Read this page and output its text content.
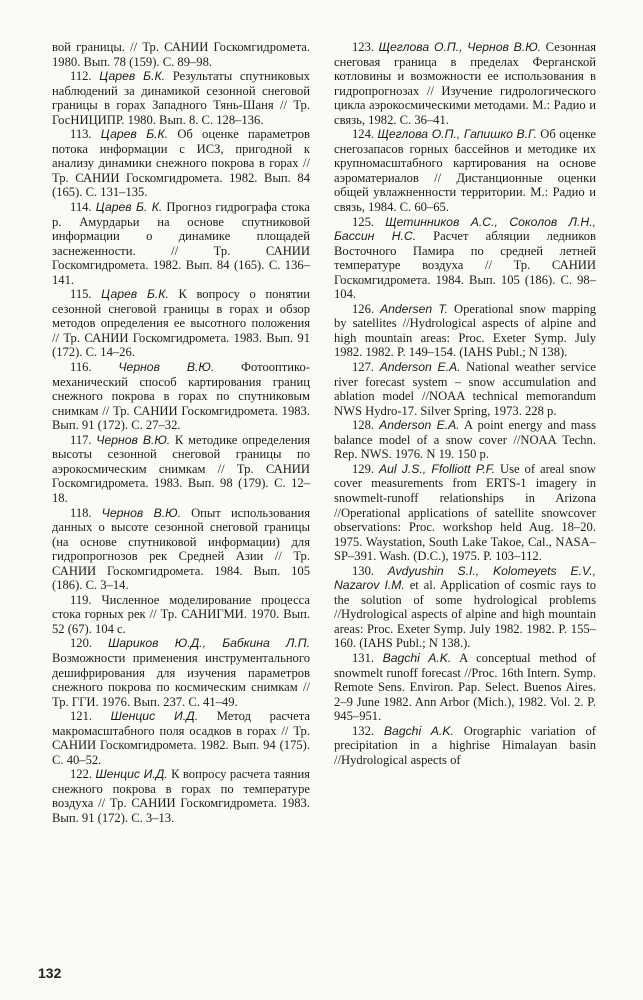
вой границы. // Тр. САНИИ Госкомгидромета. 1980. Вып. 78 (159). С. 89–98.

112. Царев Б.К. Результаты спутниковых наблюдений за динамикой сезонной снеговой границы в горах Западного Тянь-Шаня // Тр. ГосНИЦИПР. 1980. Вып. 8. С. 128–136.

113. Царев Б.К. Об оценке параметров потока информации с ИСЗ, пригодной к анализу динамики снежного покрова в горах // Тр. САНИИ Госкомгидромета. 1982. Вып. 84 (165). С. 131–135.

114. Царев Б. К. Прогноз гидрографа стока р. Амурдарьи на основе спутниковой информации о динамике площадей заснеженности. // Тр. САНИИ Госкомгидромета. 1982. Вып. 84 (165). С. 136–141.

115. Царев Б.К. К вопросу о понятии сезонной снеговой границы в горах и обзор методов определения ее высотного положения // Тр. САНИИ Госкомгидромета. 1983. Вып. 91 (172). С. 14–26.

116. Чернов В.Ю. Фотооптико-механический способ картирования границ снежного покрова в горах по спутниковым снимкам // Тр. САНИИ Госкомгидромета. 1983. Вып. 91 (172). С. 27–32.

117. Чернов В.Ю. К методике определения высоты сезонной снеговой границы по аэрокосмическим снимкам // Тр. САНИИ Госкомгидромета. 1983. Вып. 98 (179). С. 12–18.

118. Чернов В.Ю. Опыт использования данных о высоте сезонной снеговой границы (на основе спутниковой информации) для гидропрогнозов рек Средней Азии // Тр. САНИИ Госкомгидромета. 1984. Вып. 105 (186). С. 3–14.

119. Численное моделирование процесса стока горных рек // Тр. САНИГМИ. 1970. Вып. 52 (67). 104 с.

120. Шариков Ю.Д., Бабкина Л.П. Возможности применения инструментального дешифрирования для изучения параметров снежного покрова по космическим снимкам // Тр. ГГИ. 1976. Вып. 237. С. 41–49.

121. Шенцис И.Д. Метод расчета макромасштабного поля осадков в горах // Тр. САНИИ Госкомгидромета. 1982. Вып. 94 (175). С. 40–52.

122. Шенцис И.Д. К вопросу расчета таяния снежного покрова в горах по температуре воздуха // Тр. САНИИ Госкомгидромета. 1983. Вып. 91 (172). С. 3–13.

123. Щеглова О.П., Чернов В.Ю. Сезонная снеговая граница в пределах Ферганской котловины и возможности ее использования в гидропрогнозах // Изучение гидрологического цикла аэрокосмическими методами. М.: Радио и связь, 1982. С. 36–41.

124. Щеглова О.П., Гапишко В.Г. Об оценке снегозапасов горных бассейнов и методике их крупномасштабного картирования на основе аэроматериалов // Дистанционные оценки общей увлажненности территории. М.: Радио и связь, 1984. С. 60–65.

125. Щетинников А.С., Соколов Л.Н., Бассин Н.С. Расчет абляции ледников Восточного Памира по средней летней температуре воздуха // Тр. САНИИ Госкомгидромета. 1984. Вып. 105 (186). С. 98–104.

126. Andersen T. Operational snow mapping by satellites //Hydrological aspects of alpine and high mountain areas: Proc. Exeter Symp. July 1982. 1982. P. 149–154. (IAHS Publ.; N 138).

127. Anderson E.A. National weather service river forecast system – snow accumulation and ablation model //NOAA technical memorandum NWS Hydro-17. Silver Spring, 1973. 228 p.

128. Anderson E.A. A point energy and mass balance model of a snow cover //NOAA Techn. Rep. NWS. 1976. N 19. 150 p.

129. Aul J.S., Ffolliott P.F. Use of areal snow cover measurements from ERTS-1 imagery in snowmelt-runoff relationships in Arizona //Operational applications of satellite snowcover observations: Proc. workshop held Aug. 18–20. 1975. Waystation, South Lake Takoe, Cal., NASA–SP–391. Wash. (D.C.), 1975. P. 103–112.

130. Avdyushin S.I., Kolomeyets E.V., Nazarov I.M. et al. Application of cosmic rays to the solution of some hydrological problems //Hydrological aspects of alpine and high mountain areas: Proc. Exeter Symp. July 1982. 1982. P. 155–160. (IAHS Publ.; N 138.).

131. Bagchi A.K. A conceptual method of snowmelt runoff forecast //Proc. 16th Intern. Symp. Remote Sens. Environ. Pap. Select. Buenos Aires. 2–9 June 1982. Ann Arbor (Mich.), 1982. Vol. 2. P. 945–951.

132. Bagchi A.K. Orographic variation of precipitation in a highrise Himalayan basin //Hydrological aspects of

132
